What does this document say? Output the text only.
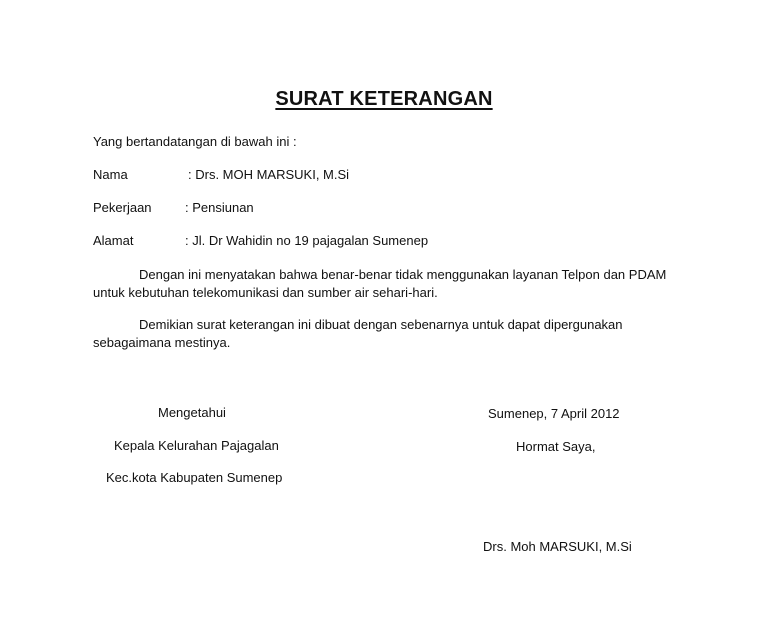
SURAT KETERANGAN
Yang bertandatangan di bawah ini :
Nama	: Drs. MOH MARSUKI, M.Si
Pekerjaan	: Pensiunan
Alamat	: Jl. Dr Wahidin no 19 pajagalan Sumenep
Dengan ini menyatakan bahwa benar-benar tidak menggunakan layanan Telpon dan PDAM
untuk kebutuhan telekomunikasi dan sumber air sehari-hari.
Demikian surat keterangan ini dibuat dengan sebenarnya untuk dapat dipergunakan
sebagaimana mestinya.
Mengetahui
Kepala Kelurahan Pajagalan
Kec.kota Kabupaten Sumenep
Sumenep, 7 April 2012
Hormat Saya,
Drs. Moh MARSUKI, M.Si
